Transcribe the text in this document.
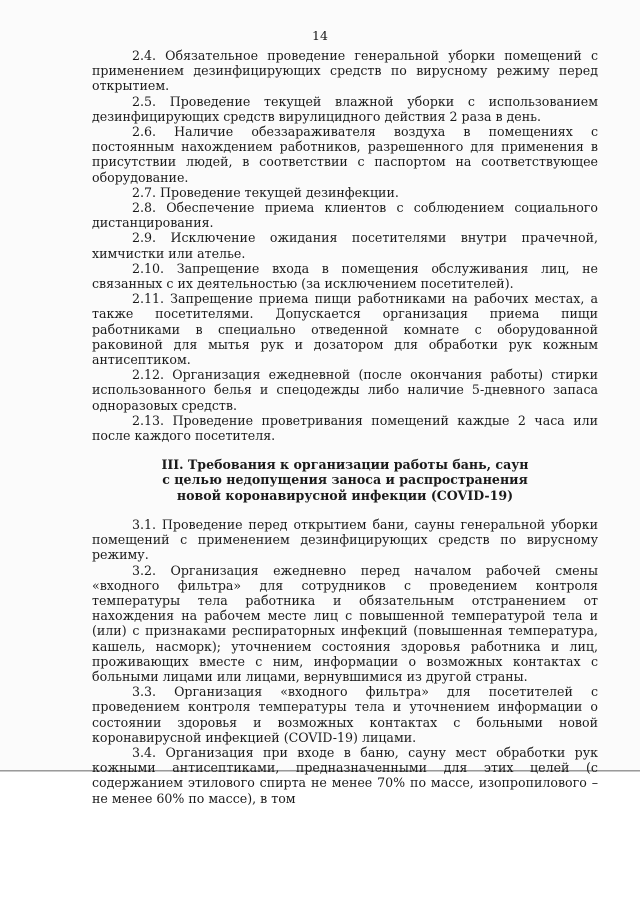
14

2.4. Обязательное проведение генеральной уборки помещений с применением дезинфицирующих средств по вирусному режиму перед открытием.

2.5. Проведение текущей влажной уборки с использованием дезинфицирующих средств вирулицидного действия 2 раза в день.

2.6. Наличие обеззараживателя воздуха в помещениях с постоянным нахождением работников, разрешенного для применения в присутствии людей, в соответствии с паспортом на соответствующее оборудование.

2.7. Проведение текущей дезинфекции.

2.8. Обеспечение приема клиентов с соблюдением социального дистанцирования.

2.9. Исключение ожидания посетителями внутри прачечной, химчистки или ателье.

2.10. Запрещение входа в помещения обслуживания лиц, не связанных с их деятельностью (за исключением посетителей).

2.11. Запрещение приема пищи работниками на рабочих местах, а также посетителями. Допускается организация приема пищи работниками в специально отведенной комнате с оборудованной раковиной для мытья рук и дозатором для обработки рук кожным антисептиком.

2.12. Организация ежедневной (после окончания работы) стирки использованного белья и спецодежды либо наличие 5-дневного запаса одноразовых средств.

2.13. Проведение проветривания помещений каждые 2 часа или после каждого посетителя.

III. Требования к организации работы бань, саун
с целью недопущения заноса и распространения
новой коронавирусной инфекции (COVID-19)

3.1. Проведение перед открытием бани, сауны генеральной уборки помещений с применением дезинфицирующих средств по вирусному режиму.

3.2. Организация ежедневно перед началом рабочей смены «входного фильтра» для сотрудников с проведением контроля температуры тела работника и обязательным отстранением от нахождения на рабочем месте лиц с повышенной температурой тела и (или) с признаками респираторных инфекций (повышенная температура, кашель, насморк); уточнением состояния здоровья работника и лиц, проживающих вместе с ним, информации о возможных контактах с больными лицами или лицами, вернувшимися из другой страны.

3.3. Организация «входного фильтра» для посетителей с проведением контроля температуры тела и уточнением информации о состоянии здоровья и возможных контактах с больными новой коронавирусной инфекцией (COVID-19) лицами.

3.4. Организация при входе в баню, сауну мест обработки рук кожными антисептиками, предназначенными для этих целей (с содержанием этилового спирта не менее 70% по массе, изопропилового – не менее 60% по массе), в том
